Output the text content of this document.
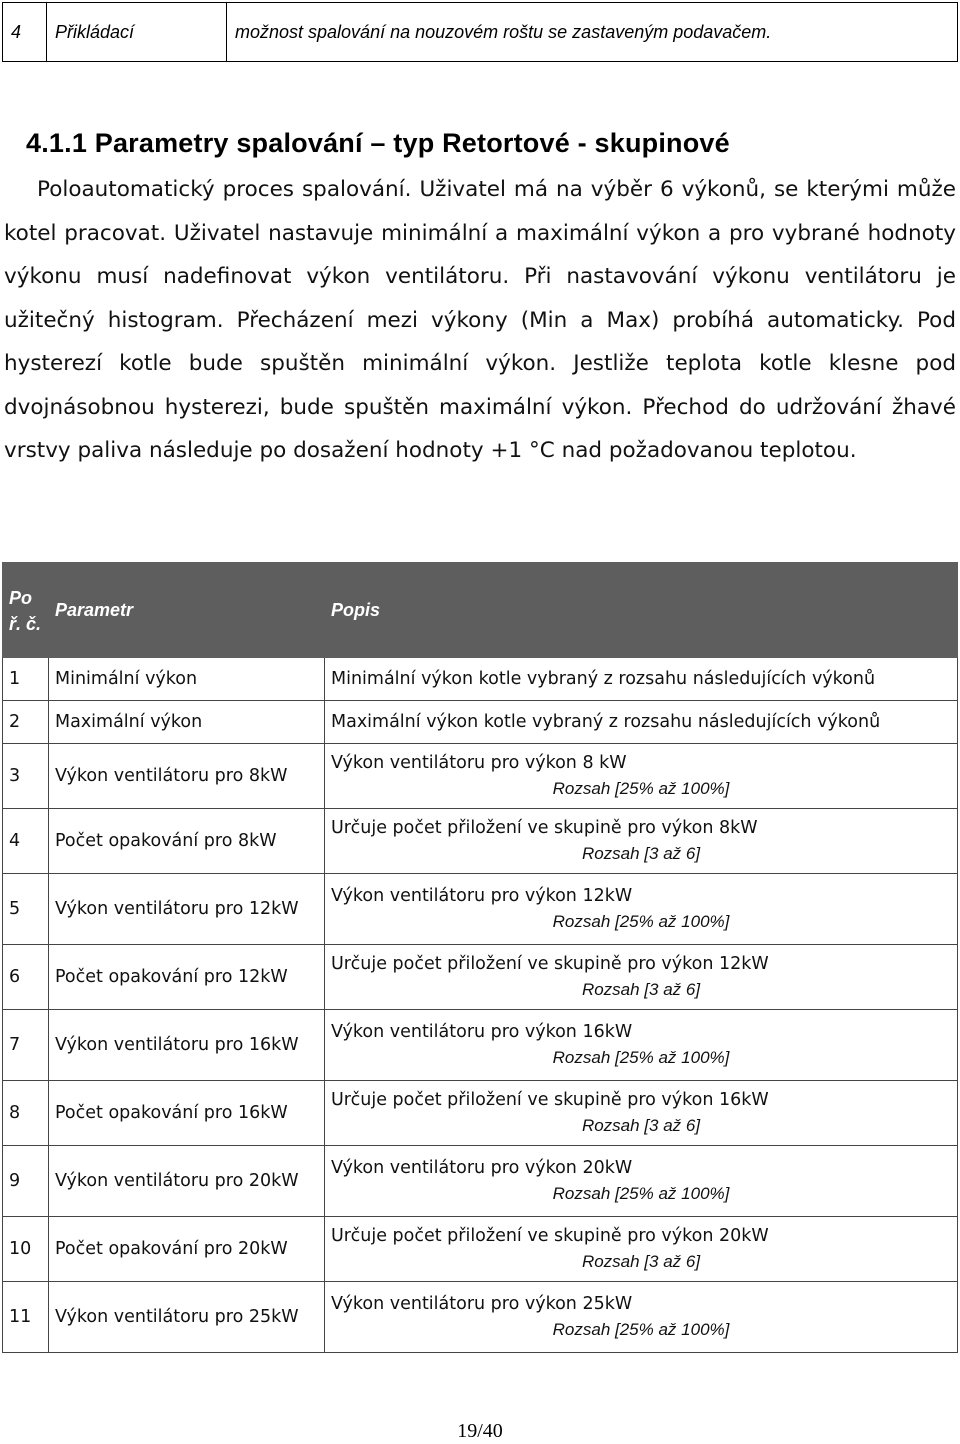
4	Přikládací	možnost spalování na nouzovém roštu se zastaveným podavačem.
4.1.1 Parametry spalování – typ Retortové - skupinové

Poloautomatický proces spalování. Uživatel má na výběr 6 výkonů, se kterými může kotel pracovat. Uživatel nastavuje minimální a maximální výkon a pro vybrané hodnoty výkonu musí nadefinovat výkon ventilátoru. Při nastavování výkonu ventilátoru je užitečný histogram. Přecházení mezi výkony (Min a Max) probíhá automaticky. Pod hysterezí kotle bude spuštěn minimální výkon. Jestliže teplota kotle klesne pod dvojnásobnou hysterezi, bude spuštěn maximální výkon. Přechod do udržování žhavé vrstvy paliva následuje po dosažení hodnoty +1 °C nad požadovanou teplotou.

Po ř. č.	Parametr	Popis
1	Minimální výkon	Minimální výkon kotle vybraný z rozsahu následujících výkonů
2	Maximální výkon	Maximální výkon kotle vybraný z rozsahu následujících výkonů
3	Výkon ventilátoru pro 8kW	Výkon ventilátoru pro výkon 8 kW
Rozsah [25% až 100%]

4	Počet opakování pro 8kW	Určuje počet přiložení ve skupině pro výkon 8kW
Rozsah [3 až 6]

5	Výkon ventilátoru pro 12kW	Výkon ventilátoru pro výkon 12kW
Rozsah [25% až 100%]

6	Počet opakování pro 12kW	Určuje počet přiložení ve skupině pro výkon 12kW
Rozsah [3 až 6]

7	Výkon ventilátoru pro 16kW	Výkon ventilátoru pro výkon 16kW
Rozsah [25% až 100%]

8	Počet opakování pro 16kW	Určuje počet přiložení ve skupině pro výkon 16kW
Rozsah [3 až 6]

9	Výkon ventilátoru pro 20kW	Výkon ventilátoru pro výkon 20kW
Rozsah [25% až 100%]

10	Počet opakování pro 20kW	Určuje počet přiložení ve skupině pro výkon 20kW
Rozsah [3 až 6]

11	Výkon ventilátoru pro 25kW	Výkon ventilátoru pro výkon 25kW
Rozsah [25% až 100%]
19/40
